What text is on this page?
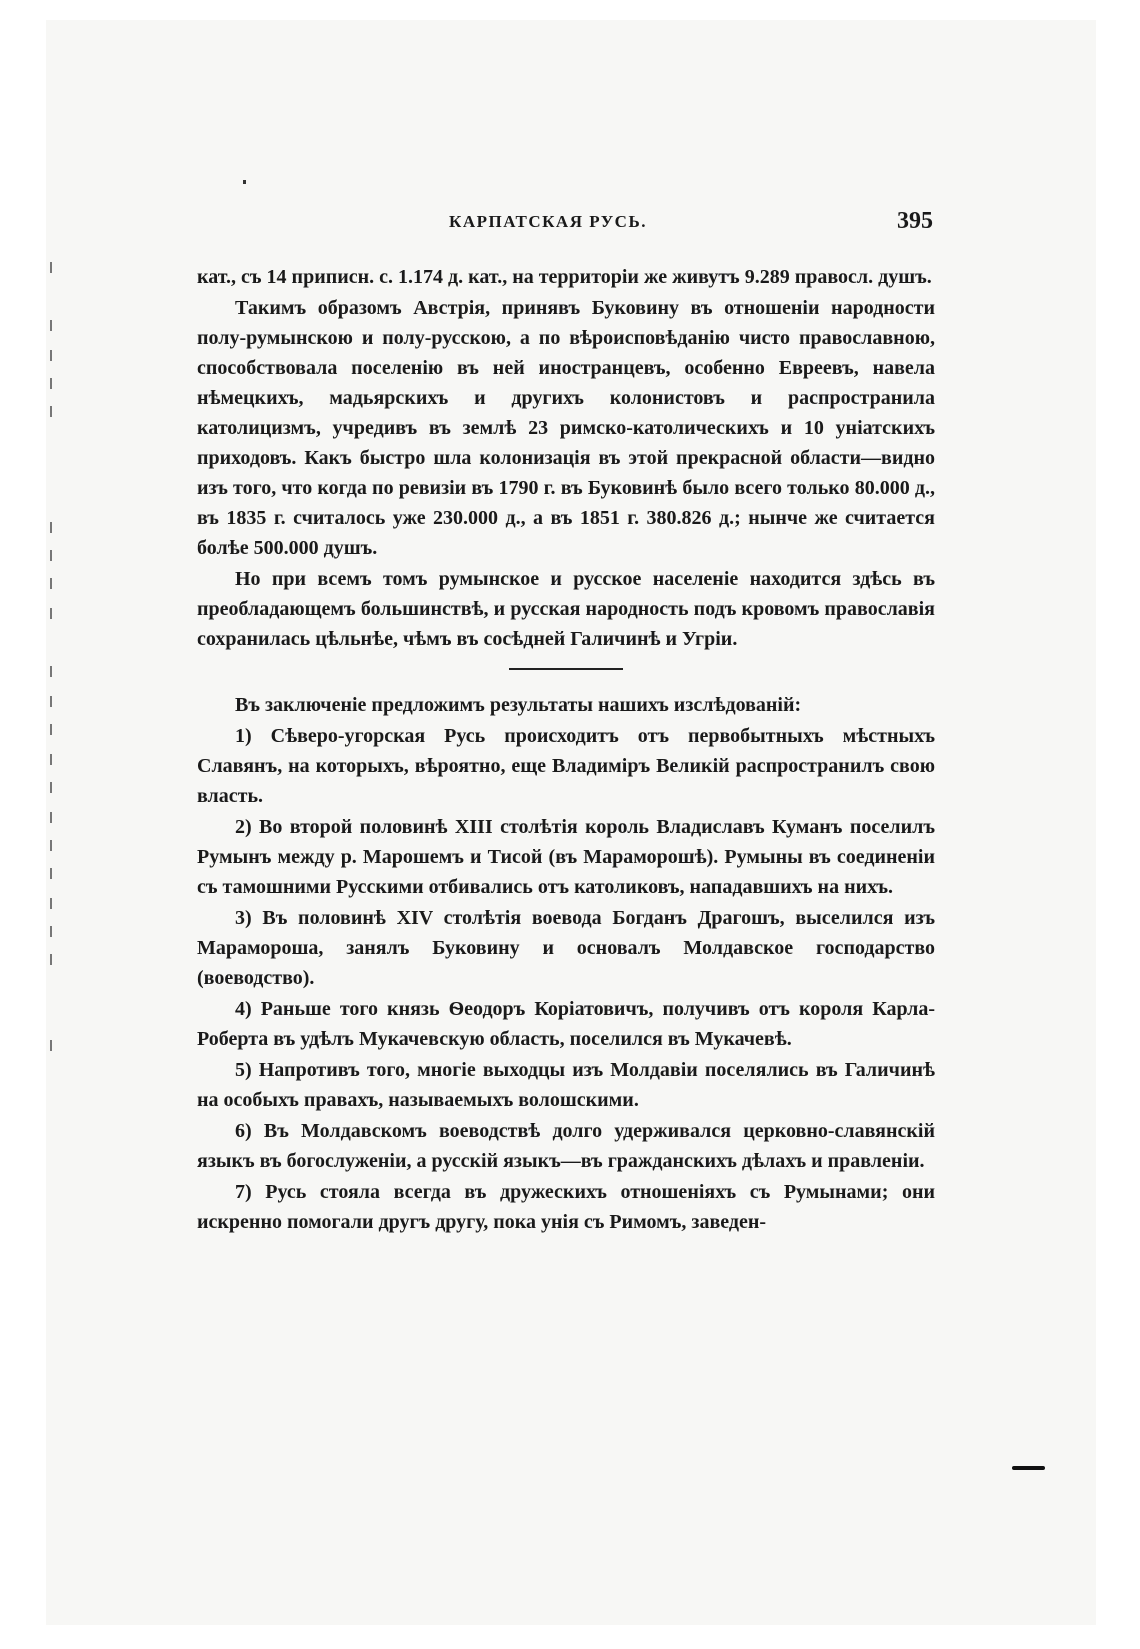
КАРПАТСКАЯ РУСЬ.	395

кат., съ 14 приписн. с. 1.174 д. кат., на территоріи же живутъ 9.289 правосл. душъ.

Такимъ образомъ Австрія, принявъ Буковину въ отношеніи народности полу-румынскою и полу-русскою, а по вѣроисповѣданію чисто православною, способствовала поселенію въ ней иностранцевъ, особенно Евреевъ, навела нѣмецкихъ, мадьярскихъ и другихъ колонистовъ и распространила католицизмъ, учредивъ въ землѣ 23 римско-католическихъ и 10 уніатскихъ приходовъ. Какъ быстро шла колонизація въ этой прекрасной области—видно изъ того, что когда по ревизіи въ 1790 г. въ Буковинѣ было всего только 80.000 д., въ 1835 г. считалось уже 230.000 д., а въ 1851 г. 380.826 д.; нынче же считается болѣе 500.000 душъ.

Но при всемъ томъ румынское и русское населеніе находится здѣсь въ преобладающемъ большинствѣ, и русская народность подъ кровомъ православія сохранилась цѣльнѣе, чѣмъ въ сосѣдней Галичинѣ и Угріи.

Въ заключеніе предложимъ результаты нашихъ изслѣдованій:

1) Сѣверо-угорская Русь происходитъ отъ первобытныхъ мѣстныхъ Славянъ, на которыхъ, вѣроятно, еще Владиміръ Великій распространилъ свою власть.

2) Во второй половинѣ XIII столѣтія король Владиславъ Куманъ поселилъ Румынъ между р. Марошемъ и Тисой (въ Мараморошѣ). Румыны въ соединеніи съ тамошними Русскими отбивались отъ католиковъ, нападавшихъ на нихъ.

3) Въ половинѣ XIV столѣтія воевода Богданъ Драгошъ, выселился изъ Марамороша, занялъ Буковину и основалъ Молдавское господарство (воеводство).

4) Раньше того князь Ѳеодоръ Коріатовичъ, получивъ отъ короля Карла-Роберта въ удѣлъ Мукачевскую область, поселился въ Мукачевѣ.

5) Напротивъ того, многіе выходцы изъ Молдавіи поселялись въ Галичинѣ на особыхъ правахъ, называемыхъ волошскими.

6) Въ Молдавскомъ воеводствѣ долго удерживался церковно-славянскій языкъ въ богослуженіи, а русскій языкъ—въ гражданскихъ дѣлахъ и правленіи.

7) Русь стояла всегда въ дружескихъ отношеніяхъ съ Румынами; они искренно помогали другъ другу, пока унія съ Римомъ, заведен-
